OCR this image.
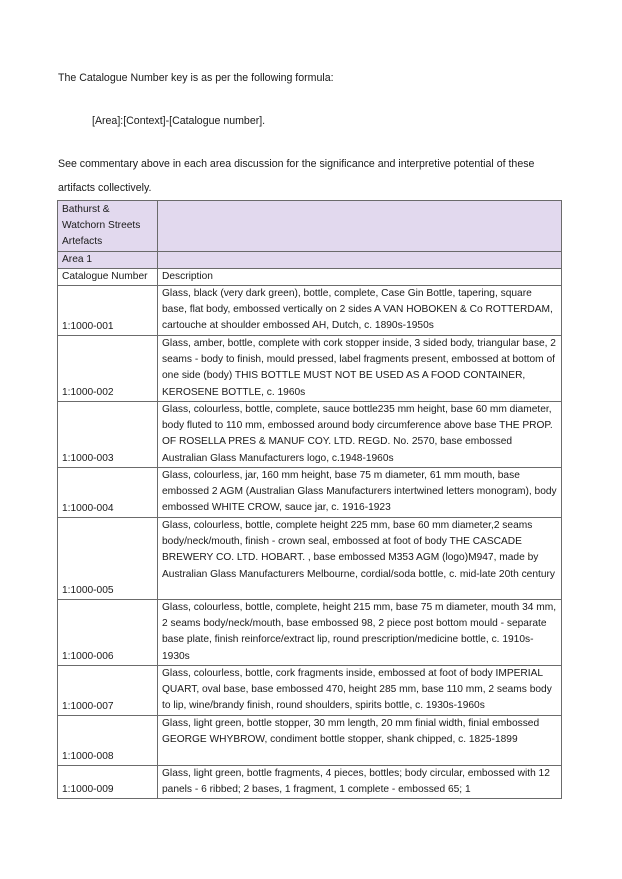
The Catalogue Number key is as per the following formula:
[Area]:[Context]-[Catalogue number].
See commentary above in each area discussion for the significance and interpretive potential of these artifacts collectively.
Bathurst & Watchorn Streets Artefacts	
Area 1	
Catalogue Number	Description
1:1000-001	Glass, black (very dark green), bottle, complete, Case Gin Bottle, tapering, square base, flat body, embossed vertically on 2 sides A VAN HOBOKEN & Co ROTTERDAM, cartouche at shoulder embossed AH, Dutch, c. 1890s-1950s
1:1000-002	Glass, amber, bottle, complete with cork stopper inside, 3 sided body, triangular base, 2 seams - body to finish, mould pressed, label fragments present, embossed at bottom of one side (body) THIS BOTTLE MUST NOT BE USED AS A FOOD CONTAINER, KEROSENE BOTTLE, c. 1960s
1:1000-003	Glass, colourless, bottle, complete, sauce bottle235 mm height, base 60 mm diameter, body fluted to 110 mm, embossed around body circumference above base THE PROP. OF ROSELLA PRES & MANUF COY. LTD. REGD. No. 2570, base embossed Australian Glass Manufacturers logo, c.1948-1960s
1:1000-004	Glass, colourless, jar, 160 mm height, base 75 m diameter, 61 mm mouth, base embossed 2 AGM (Australian Glass Manufacturers intertwined letters monogram), body embossed WHITE CROW, sauce jar, c. 1916-1923
1:1000-005	Glass, colourless, bottle, complete height 225 mm, base 60 mm diameter,2 seams body/neck/mouth, finish - crown seal, embossed at foot of body THE CASCADE BREWERY CO. LTD. HOBART. , base embossed M353 AGM (logo)M947, made by Australian Glass Manufacturers Melbourne, cordial/soda bottle, c. mid-late 20th century
1:1000-006	Glass, colourless, bottle, complete, height 215 mm, base 75 m diameter, mouth 34 mm, 2 seams body/neck/mouth, base embossed 98, 2 piece post bottom mould - separate base plate, finish reinforce/extract lip, round prescription/medicine bottle, c. 1910s-1930s
1:1000-007	Glass, colourless, bottle, cork fragments inside, embossed at foot of body IMPERIAL QUART, oval base, base embossed 470, height 285 mm, base 110 mm, 2 seams body to lip, wine/brandy finish, round shoulders, spirits bottle, c. 1930s-1960s
1:1000-008	Glass, light green, bottle stopper, 30 mm length, 20 mm finial width, finial embossed GEORGE WHYBROW, condiment bottle stopper, shank chipped, c. 1825-1899
1:1000-009	Glass, light green, bottle fragments, 4 pieces, bottles; body circular, embossed with 12 panels - 6 ribbed; 2 bases, 1 fragment, 1 complete - embossed 65; 1
